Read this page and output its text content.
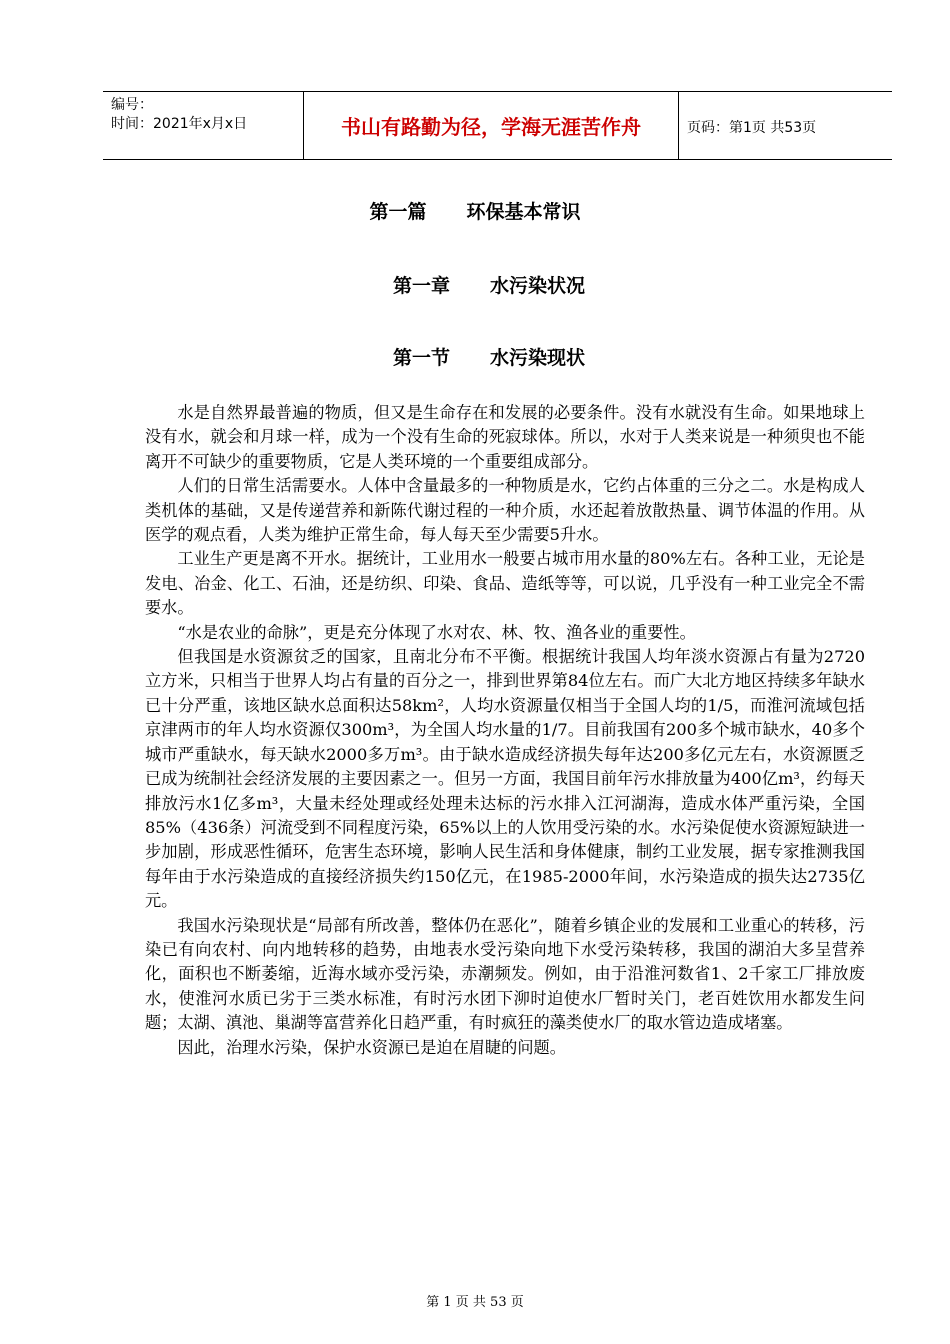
编号：
时间：2021年x月x日	书山有路勤为径，学海无涯苦作舟	页码：第1页 共53页
第一篇 环保基本常识
第一章 水污染状况
第一节 水污染现状

水是自然界最普遍的物质，但又是生命存在和发展的必要条件。没有水就没有生命。如果地球上没有水，就会和月球一样，成为一个没有生命的死寂球体。所以，水对于人类来说是一种须臾也不能离开不可缺少的重要物质，它是人类环境的一个重要组成部分。

人们的日常生活需要水。人体中含量最多的一种物质是水，它约占体重的三分之二。水是构成人类机体的基础，又是传递营养和新陈代谢过程的一种介质，水还起着放散热量、调节体温的作用。从医学的观点看，人类为维护正常生命，每人每天至少需要5升水。

工业生产更是离不开水。据统计，工业用水一般要占城市用水量的80%左右。各种工业，无论是发电、冶金、化工、石油，还是纺织、印染、食品、造纸等等，可以说，几乎没有一种工业完全不需要水。

“水是农业的命脉”，更是充分体现了水对农、林、牧、渔各业的重要性。

但我国是水资源贫乏的国家，且南北分布不平衡。根据统计我国人均年淡水资源占有量为2720立方米，只相当于世界人均占有量的百分之一，排到世界第84位左右。而广大北方地区持续多年缺水已十分严重，该地区缺水总面积达58km²，人均水资源量仅相当于全国人均的1/5，而淮河流域包括京津两市的年人均水资源仅300m³，为全国人均水量的1/7。目前我国有200多个城市缺水，40多个城市严重缺水，每天缺水2000多万m³。由于缺水造成经济损失每年达200多亿元左右，水资源匮乏已成为统制社会经济发展的主要因素之一。但另一方面，我国目前年污水排放量为400亿m³，约每天排放污水1亿多m³，大量未经处理或经处理未达标的污水排入江河湖海，造成水体严重污染，全国85%（436条）河流受到不同程度污染，65%以上的人饮用受污染的水。水污染促使水资源短缺进一步加剧，形成恶性循环，危害生态环境，影响人民生活和身体健康，制约工业发展，据专家推测我国每年由于水污染造成的直接经济损失约150亿元，在1985-2000年间，水污染造成的损失达2735亿元。

我国水污染现状是“局部有所改善，整体仍在恶化”，随着乡镇企业的发展和工业重心的转移，污染已有向农村、向内地转移的趋势，由地表水受污染向地下水受污染转移，我国的湖泊大多呈营养化，面积也不断萎缩，近海水域亦受污染，赤潮频发。例如，由于沿淮河数省1、2千家工厂排放废水，使淮河水质已劣于三类水标准，有时污水团下泖时迫使水厂暂时关门，老百姓饮用水都发生问题；太湖、滇池、巢湖等富营养化日趋严重，有时疯狂的藻类使水厂的取水管边造成堵塞。

因此，治理水污染，保护水资源已是迫在眉睫的问题。

第 1 页 共 53 页
